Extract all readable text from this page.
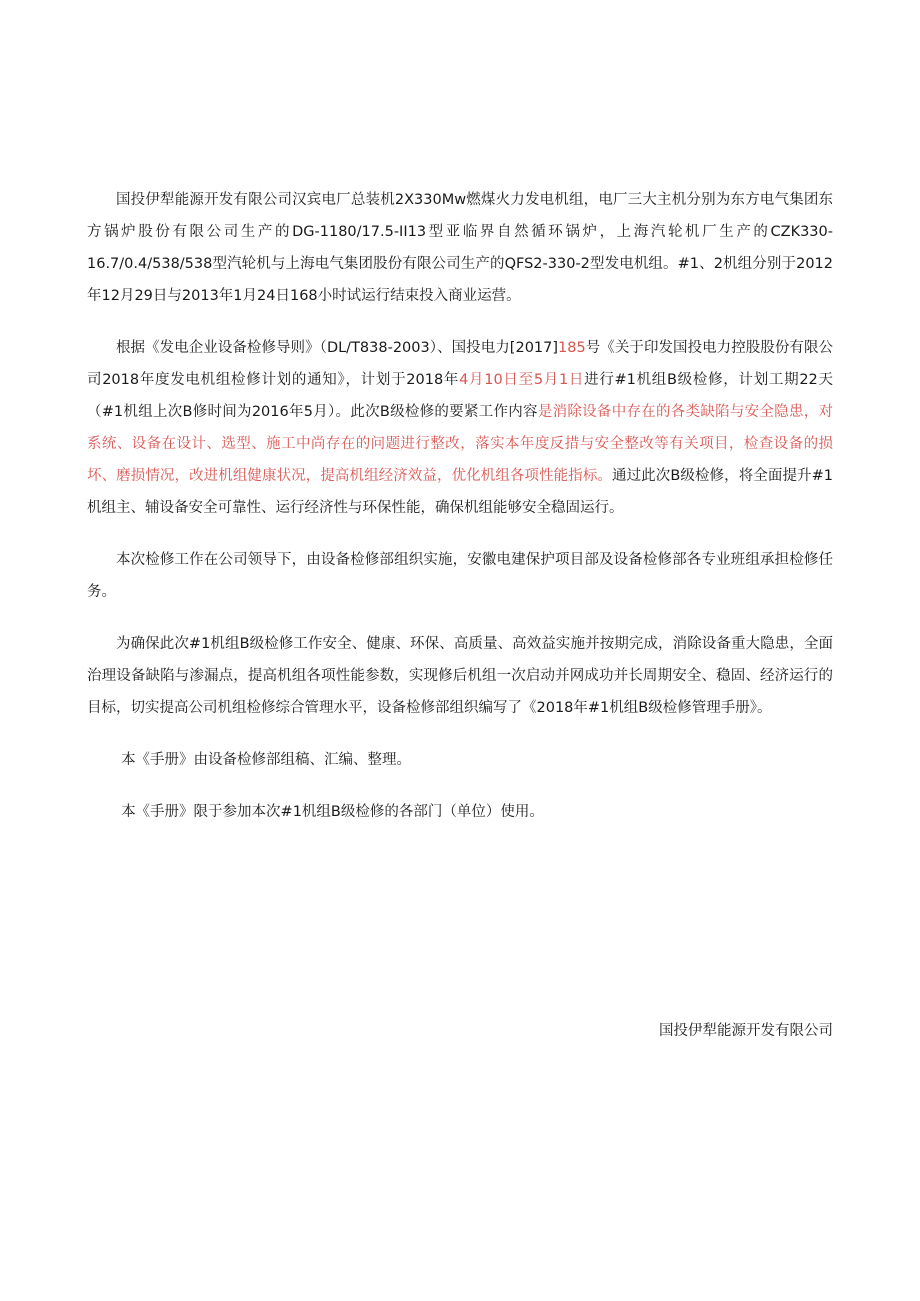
国投伊犁能源开发有限公司汉宾电厂总装机2X330Mw燃煤火力发电机组，电厂三大主机分别为东方电气集团东方锅炉股份有限公司生产的DG-1180/17.5-II13型亚临界自然循环锅炉，上海汽轮机厂生产的CZK330-16.7/0.4/538/538型汽轮机与上海电气集团股份有限公司生产的QFS2-330-2型发电机组。#1、2机组分别于2012年12月29日与2013年1月24日168小时试运行结束投入商业运营。

根据《发电企业设备检修导则》（DL/T838-2003）、国投电力[2017]185号《关于印发国投电力控股股份有限公司2018年度发电机组检修计划的通知》，计划于2018年4月10日至5月1日进行#1机组B级检修，计划工期22天（#1机组上次B修时间为2016年5月）。此次B级检修的要紧工作内容是消除设备中存在的各类缺陷与安全隐患，对系统、设备在设计、选型、施工中尚存在的问题进行整改，落实本年度反措与安全整改等有关项目，检查设备的损坏、磨损情况，改进机组健康状况，提高机组经济效益，优化机组各项性能指标。通过此次B级检修，将全面提升#1机组主、辅设备安全可靠性、运行经济性与环保性能，确保机组能够安全稳固运行。

本次检修工作在公司领导下，由设备检修部组织实施，安徽电建保护项目部及设备检修部各专业班组承担检修任务。

为确保此次#1机组B级检修工作安全、健康、环保、高质量、高效益实施并按期完成，消除设备重大隐患，全面治理设备缺陷与渗漏点，提高机组各项性能参数，实现修后机组一次启动并网成功并长周期安全、稳固、经济运行的目标，切实提高公司机组检修综合管理水平，设备检修部组织编写了《2018年#1机组B级检修管理手册》。

本《手册》由设备检修部组稿、汇编、整理。

本《手册》限于参加本次#1机组B级检修的各部门（单位）使用。

国投伊犁能源开发有限公司
